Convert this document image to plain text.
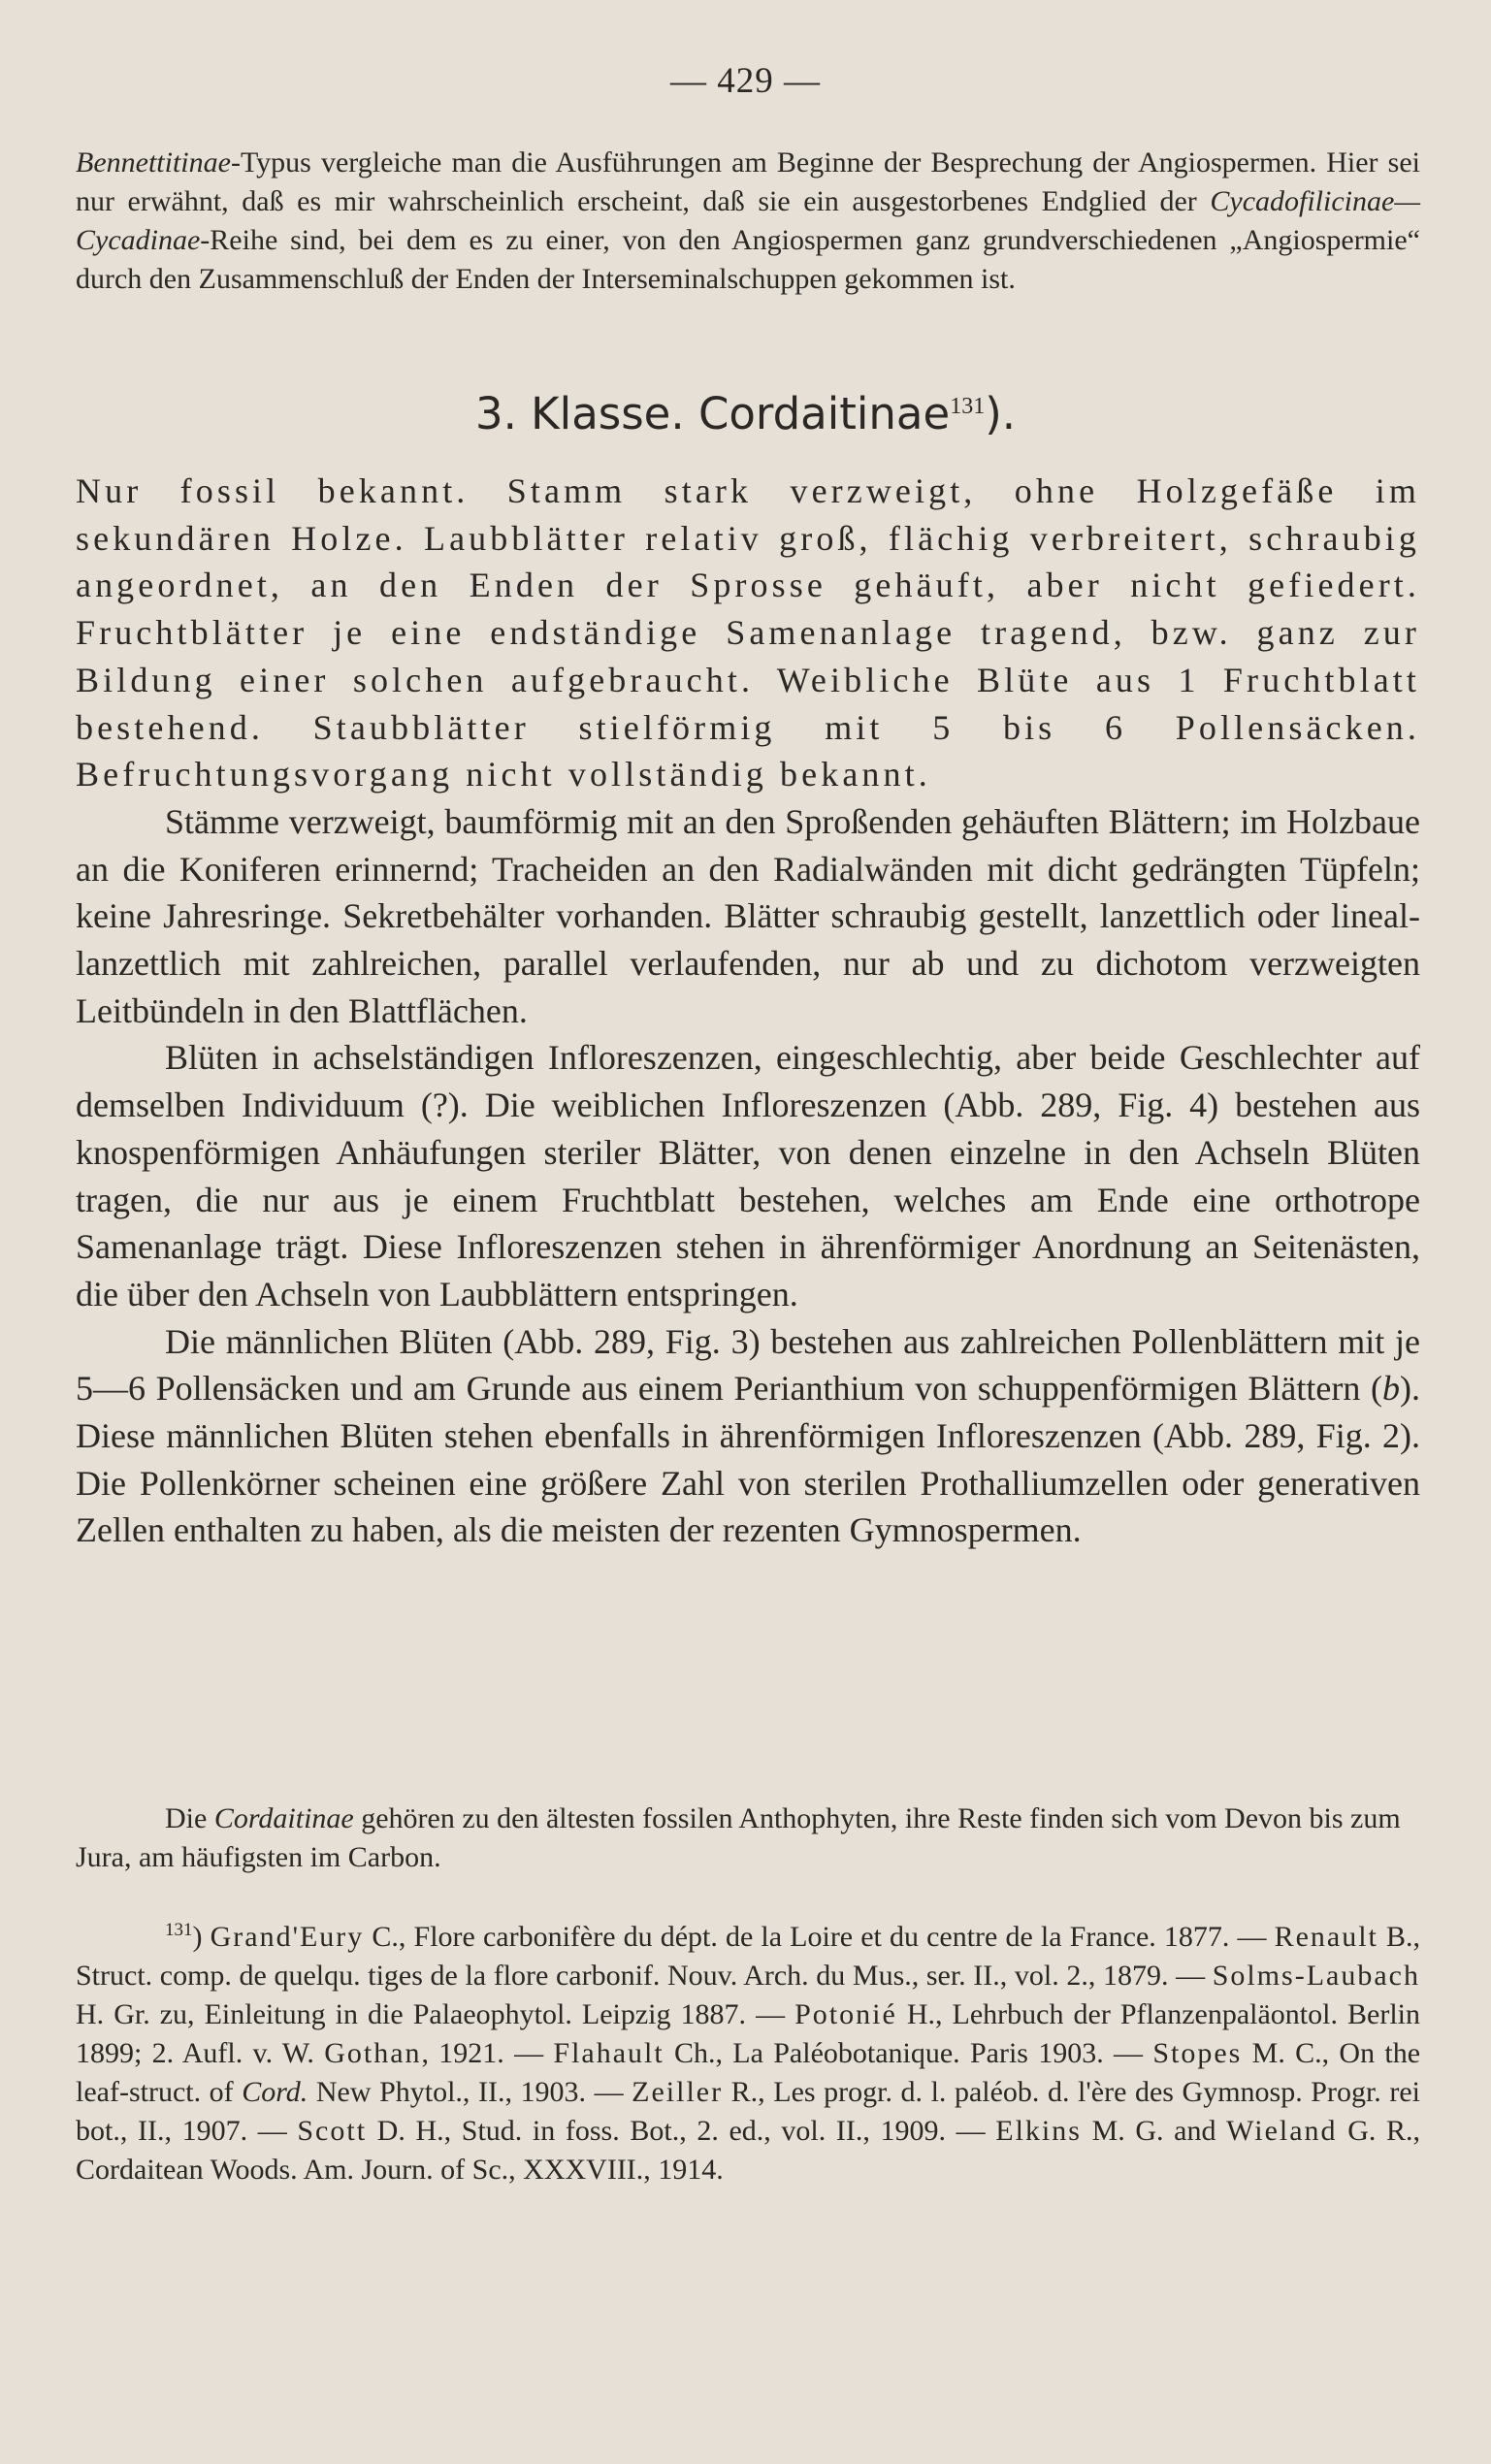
— 429 —

Bennettitinae-Typus vergleiche man die Ausführungen am Beginne der Besprechung der Angiospermen. Hier sei nur erwähnt, daß es mir wahrscheinlich erscheint, daß sie ein ausgestorbenes Endglied der Cycadofilicinae—Cycadinae-Reihe sind, bei dem es zu einer, von den Angiospermen ganz grundverschiedenen „Angiospermie“ durch den Zusammenschluß der Enden der Interseminalschuppen gekommen ist.

3. Klasse. Cordaitinae$^{131}$).

Nur fossil bekannt. Stamm stark verzweigt, ohne Holzgefäße im sekundären Holze. Laubblätter relativ groß, flächig verbreitert, schraubig angeordnet, an den Enden der Sprosse gehäuft, aber nicht gefiedert. Fruchtblätter je eine endständige Samenanlage tragend, bzw. ganz zur Bildung einer solchen aufgebraucht. Weibliche Blüte aus 1 Fruchtblatt bestehend. Staubblätter stielförmig mit 5 bis 6 Pollensäcken. Befruchtungsvorgang nicht vollständig bekannt.

Stämme verzweigt, baumförmig mit an den Sproßenden gehäuften Blättern; im Holzbaue an die Koniferen erinnernd; Tracheiden an den Radialwänden mit dicht gedrängten Tüpfeln; keine Jahresringe. Sekretbehälter vorhanden. Blätter schraubig gestellt, lanzettlich oder lineal-lanzettlich mit zahlreichen, parallel verlaufenden, nur ab und zu dichotom verzweigten Leitbündeln in den Blattflächen.

Blüten in achselständigen Infloreszenzen, eingeschlechtig, aber beide Geschlechter auf demselben Individuum (?). Die weiblichen Infloreszenzen (Abb. 289, Fig. 4) bestehen aus knospenförmigen Anhäufungen steriler Blätter, von denen einzelne in den Achseln Blüten tragen, die nur aus je einem Fruchtblatt bestehen, welches am Ende eine orthotrope Samenanlage trägt. Diese Infloreszenzen stehen in ährenförmiger Anordnung an Seitenästen, die über den Achseln von Laubblättern entspringen.

Die männlichen Blüten (Abb. 289, Fig. 3) bestehen aus zahlreichen Pollenblättern mit je 5—6 Pollensäcken und am Grunde aus einem Perianthium von schuppenförmigen Blättern (b). Diese männlichen Blüten stehen ebenfalls in ährenförmigen Infloreszenzen (Abb. 289, Fig. 2). Die Pollenkörner scheinen eine größere Zahl von sterilen Prothalliumzellen oder generativen Zellen enthalten zu haben, als die meisten der rezenten Gymnospermen.

Die Cordaitinae gehören zu den ältesten fossilen Anthophyten, ihre Reste finden sich vom Devon bis zum Jura, am häufigsten im Carbon.

$^{131}$) Grand'Eury C., Flore carbonifère du dépt. de la Loire et du centre de la France. 1877. — Renault B., Struct. comp. de quelqu. tiges de la flore carbonif. Nouv. Arch. du Mus., ser. II., vol. 2., 1879. — Solms-Laubach H. Gr. zu, Einleitung in die Palaeophytol. Leipzig 1887. — Potonié H., Lehrbuch der Pflanzenpaläontol. Berlin 1899; 2. Aufl. v. W. Gothan, 1921. — Flahault Ch., La Paléobotanique. Paris 1903. — Stopes M. C., On the leaf-struct. of Cord. New Phytol., II., 1903. — Zeiller R., Les progr. d. l. paléob. d. l'ère des Gymnosp. Progr. rei bot., II., 1907. — Scott D. H., Stud. in foss. Bot., 2. ed., vol. II., 1909. — Elkins M. G. and Wieland G. R., Cordaitean Woods. Am. Journ. of Sc., XXXVIII., 1914.
